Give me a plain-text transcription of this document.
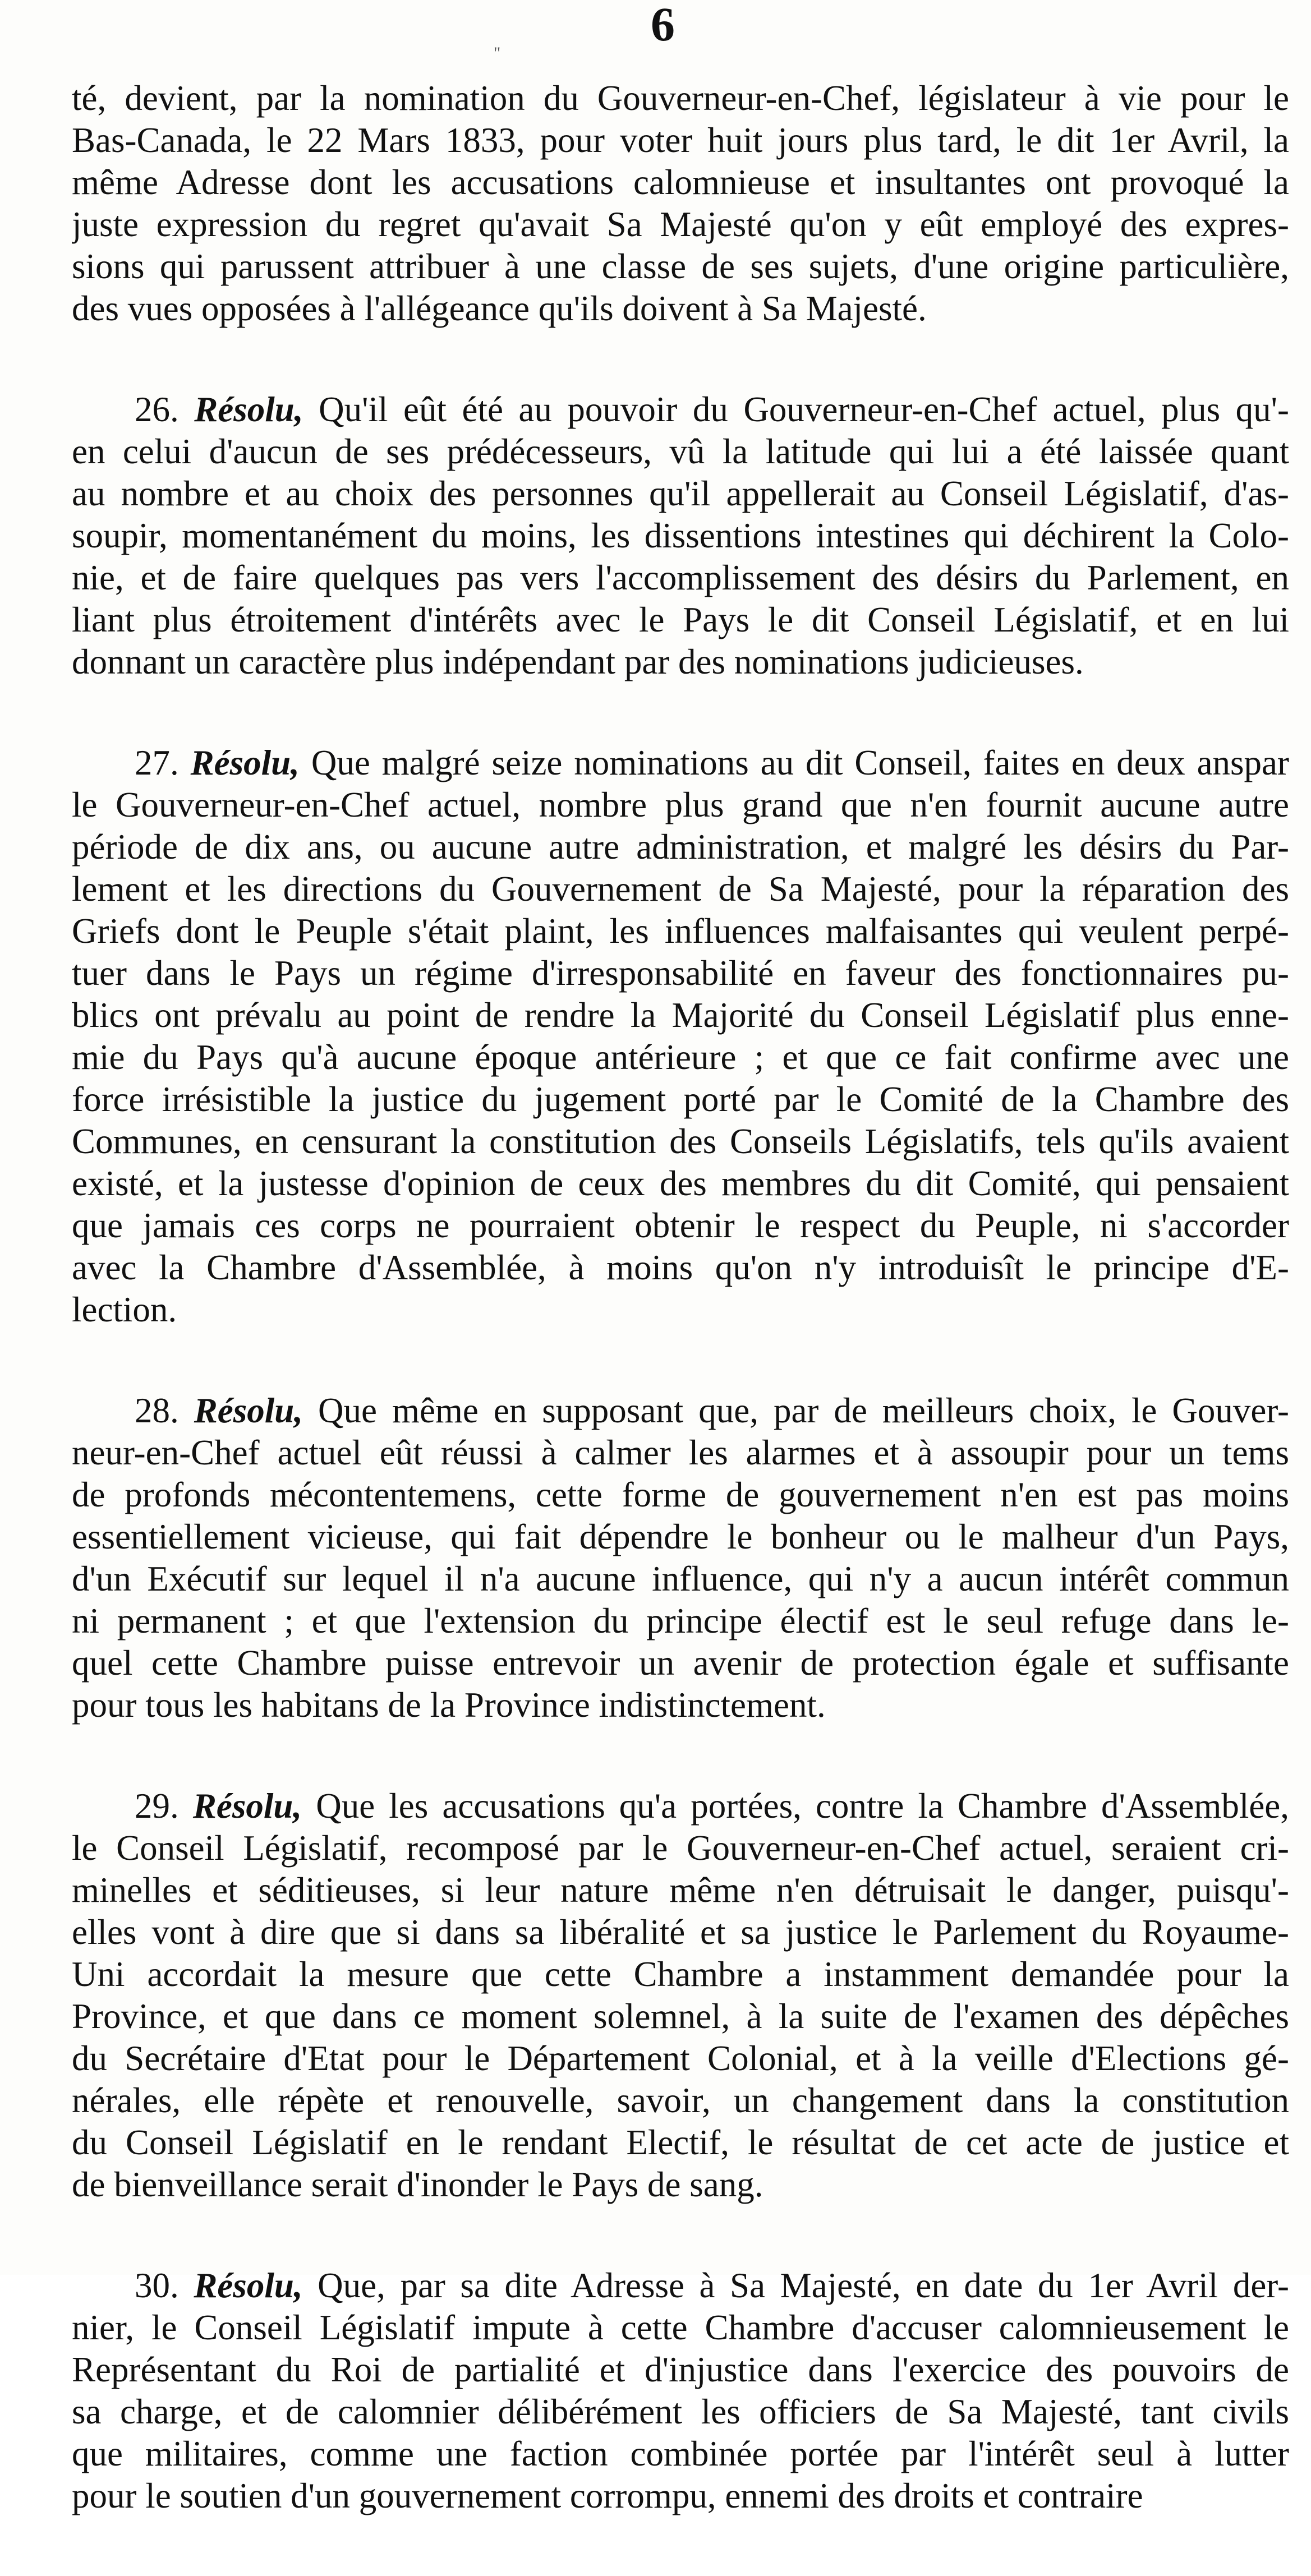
6
"
té, devient, par la nomination du Gouverneur-en-Chef, législateur à vie pour le
Bas-Canada, le 22 Mars 1833, pour voter huit jours plus tard, le dit 1er Avril, la
même Adresse dont les accusations calomnieuse et insultantes ont provoqué la
juste expression du regret qu'avait Sa Majesté qu'on y eût employé des expres-
sions qui parussent attribuer à une classe de ses sujets, d'une origine particulière,
des vues opposées à l'allégeance qu'ils doivent à Sa Majesté.
26. Résolu, Qu'il eût été au pouvoir du Gouverneur-en-Chef actuel, plus qu'-
en celui d'aucun de ses prédécesseurs, vû la latitude qui lui a été laissée quant
au nombre et au choix des personnes qu'il appellerait au Conseil Législatif, d'as-
soupir, momentanément du moins, les dissentions intestines qui déchirent la Colo-
nie, et de faire quelques pas vers l'accomplissement des désirs du Parlement, en
liant plus étroitement d'intérêts avec le Pays le dit Conseil Législatif, et en lui
donnant un caractère plus indépendant par des nominations judicieuses.
27. Résolu, Que malgré seize nominations au dit Conseil, faites en deux anspar
le Gouverneur-en-Chef actuel, nombre plus grand que n'en fournit aucune autre
période de dix ans, ou aucune autre administration, et malgré les désirs du Par-
lement et les directions du Gouvernement de Sa Majesté, pour la réparation des
Griefs dont le Peuple s'était plaint, les influences malfaisantes qui veulent perpé-
tuer dans le Pays un régime d'irresponsabilité en faveur des fonctionnaires pu-
blics ont prévalu au point de rendre la Majorité du Conseil Législatif plus enne-
mie du Pays qu'à aucune époque antérieure ; et que ce fait confirme avec une
force irrésistible la justice du jugement porté par le Comité de la Chambre des
Communes, en censurant la constitution des Conseils Législatifs, tels qu'ils avaient
existé, et la justesse d'opinion de ceux des membres du dit Comité, qui pensaient
que jamais ces corps ne pourraient obtenir le respect du Peuple, ni s'accorder
avec la Chambre d'Assemblée, à moins qu'on n'y introduisît le principe d'E-
lection.
28. Résolu, Que même en supposant que, par de meilleurs choix, le Gouver-
neur-en-Chef actuel eût réussi à calmer les alarmes et à assoupir pour un tems
de profonds mécontentemens, cette forme de gouvernement n'en est pas moins
essentiellement vicieuse, qui fait dépendre le bonheur ou le malheur d'un Pays,
d'un Exécutif sur lequel il n'a aucune influence, qui n'y a aucun intérêt commun
ni permanent ; et que l'extension du principe électif est le seul refuge dans le-
quel cette Chambre puisse entrevoir un avenir de protection égale et suffisante
pour tous les habitans de la Province indistinctement.
29. Résolu, Que les accusations qu'a portées, contre la Chambre d'Assemblée,
le Conseil Législatif, recomposé par le Gouverneur-en-Chef actuel, seraient cri-
minelles et séditieuses, si leur nature même n'en détruisait le danger, puisqu'-
elles vont à dire que si dans sa libéralité et sa justice le Parlement du Royaume-
Uni accordait la mesure que cette Chambre a instamment demandée pour la
Province, et que dans ce moment solemnel, à la suite de l'examen des dépêches
du Secrétaire d'Etat pour le Département Colonial, et à la veille d'Elections gé-
nérales, elle répète et renouvelle, savoir, un changement dans la constitution
du Conseil Législatif en le rendant Electif, le résultat de cet acte de justice et
de bienveillance serait d'inonder le Pays de sang.
30. Résolu, Que, par sa dite Adresse à Sa Majesté, en date du 1er Avril der-
nier, le Conseil Législatif impute à cette Chambre d'accuser calomnieusement le
Représentant du Roi de partialité et d'injustice dans l'exercice des pouvoirs de
sa charge, et de calomnier délibérément les officiers de Sa Majesté, tant civils
que militaires, comme une faction combinée portée par l'intérêt seul à lutter
pour le soutien d'un gouvernement corrompu, ennemi des droits et contraire
